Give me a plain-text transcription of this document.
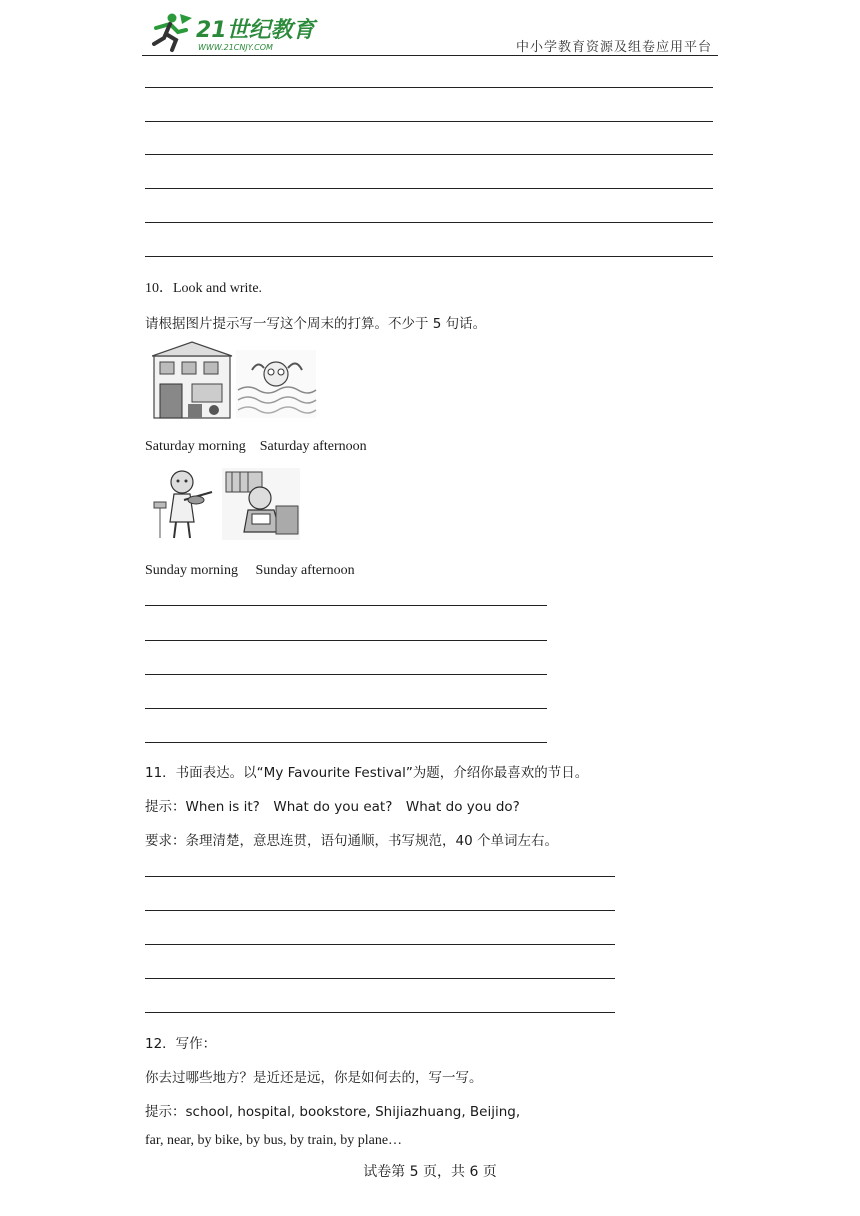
21世纪教育
WWW.21CNJY.COM	中小学教育资源及组卷应用平台
10．Look and write.
请根据图片提示写一写这个周末的打算。不少于 5 句话。
Saturday morning　Saturday afternoon
Sunday morning　 Sunday afternoon
11．书面表达。以“My Favourite Festival”为题，介绍你最喜欢的节日。
提示：When is it?　What do you eat?　What do you do?
要求：条理清楚，意思连贯，语句通顺，书写规范，40 个单词左右。
12．写作：
你去过哪些地方？是近还是远，你是如何去的，写一写。
提示：school, hospital, bookstore, Shijiazhuang, Beijing,
far, near, by bike, by bus, by train, by plane…
试卷第 5 页，共 6 页
